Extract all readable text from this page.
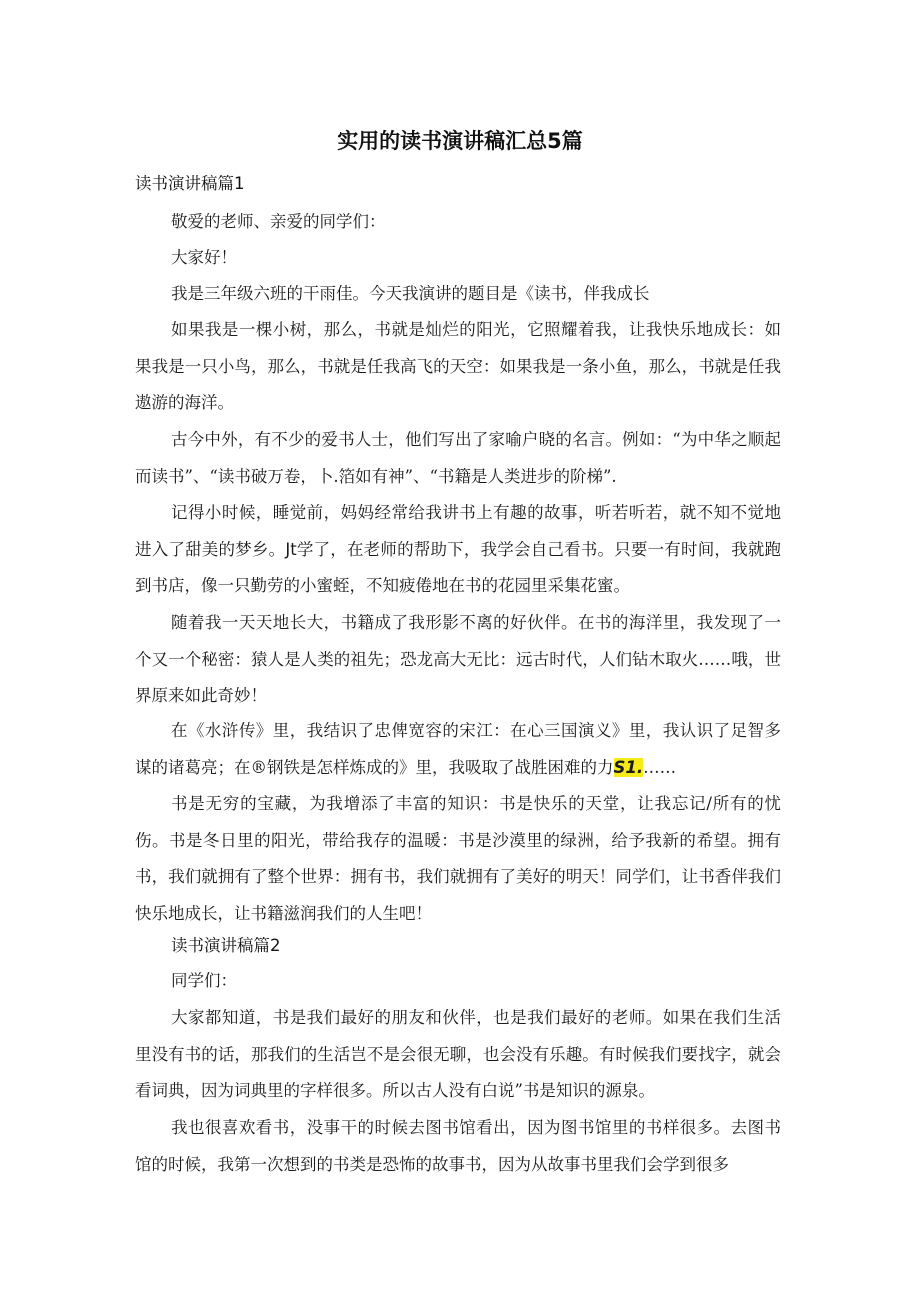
实用的读书演讲稿汇总5篇
读书演讲稿篇1

敬爱的老师、亲爱的同学们：

大家好！

我是三年级六班的干雨佳。今天我演讲的题目是《读书，伴我成长

如果我是一棵小树，那么，书就是灿烂的阳光，它照耀着我，让我快乐地成长：如果我是一只小鸟，那么，书就是任我高飞的天空：如果我是一条小鱼，那么，书就是任我遨游的海洋。

古今中外，有不少的爱书人士，他们写出了家喻户晓的名言。例如：“为中华之顺起而读书”、“读书破万卷，卜.箔如有神”、“书籍是人类进步的阶梯”.

记得小时候，睡觉前，妈妈经常给我讲书上有趣的故事，听若听若，就不知不觉地进入了甜美的梦乡。Jt学了，在老师的帮助下，我学会自己看书。只要一有时间，我就跑到书店，像一只勤劳的小蜜蛭，不知疲倦地在书的花园里采集花蜜。

随着我一天天地长大，书籍成了我形影不离的好伙伴。在书的海洋里，我发现了一个又一个秘密：猿人是人类的祖先；恐龙高大无比：远古时代，人们钻木取火……哦，世界原来如此奇妙！

在《水浒传》里，我结识了忠俾宽容的宋江：在心三国演义》里，我认识了足智多谋的诸葛亮；在®钢铁是怎样炼成的》里，我吸取了战胜困难的力S1.……

书是无穷的宝藏，为我增添了丰富的知识：书是快乐的天堂，让我忘记/所有的忧伤。书是冬日里的阳光，带给我存的温暖：书是沙漠里的绿洲，给予我新的希望。拥有书，我们就拥有了整个世界：拥有书，我们就拥有了美好的明天！同学们，让书香伴我们快乐地成长，让书籍滋润我们的人生吧！

读书演讲稿篇2

同学们：

大家都知道，书是我们最好的朋友和伙伴，也是我们最好的老师。如果在我们生活里没有书的话，那我们的生活岂不是会很无聊，也会没有乐趣。有时候我们要找字，就会看词典，因为词典里的字样很多。所以古人没有白说”书是知识的源泉。

我也很喜欢看书，没事干的时候去图书馆看出，因为图书馆里的书样很多。去图书馆的时候，我第一次想到的书类是恐怖的故事书，因为从故事书里我们会学到很多
